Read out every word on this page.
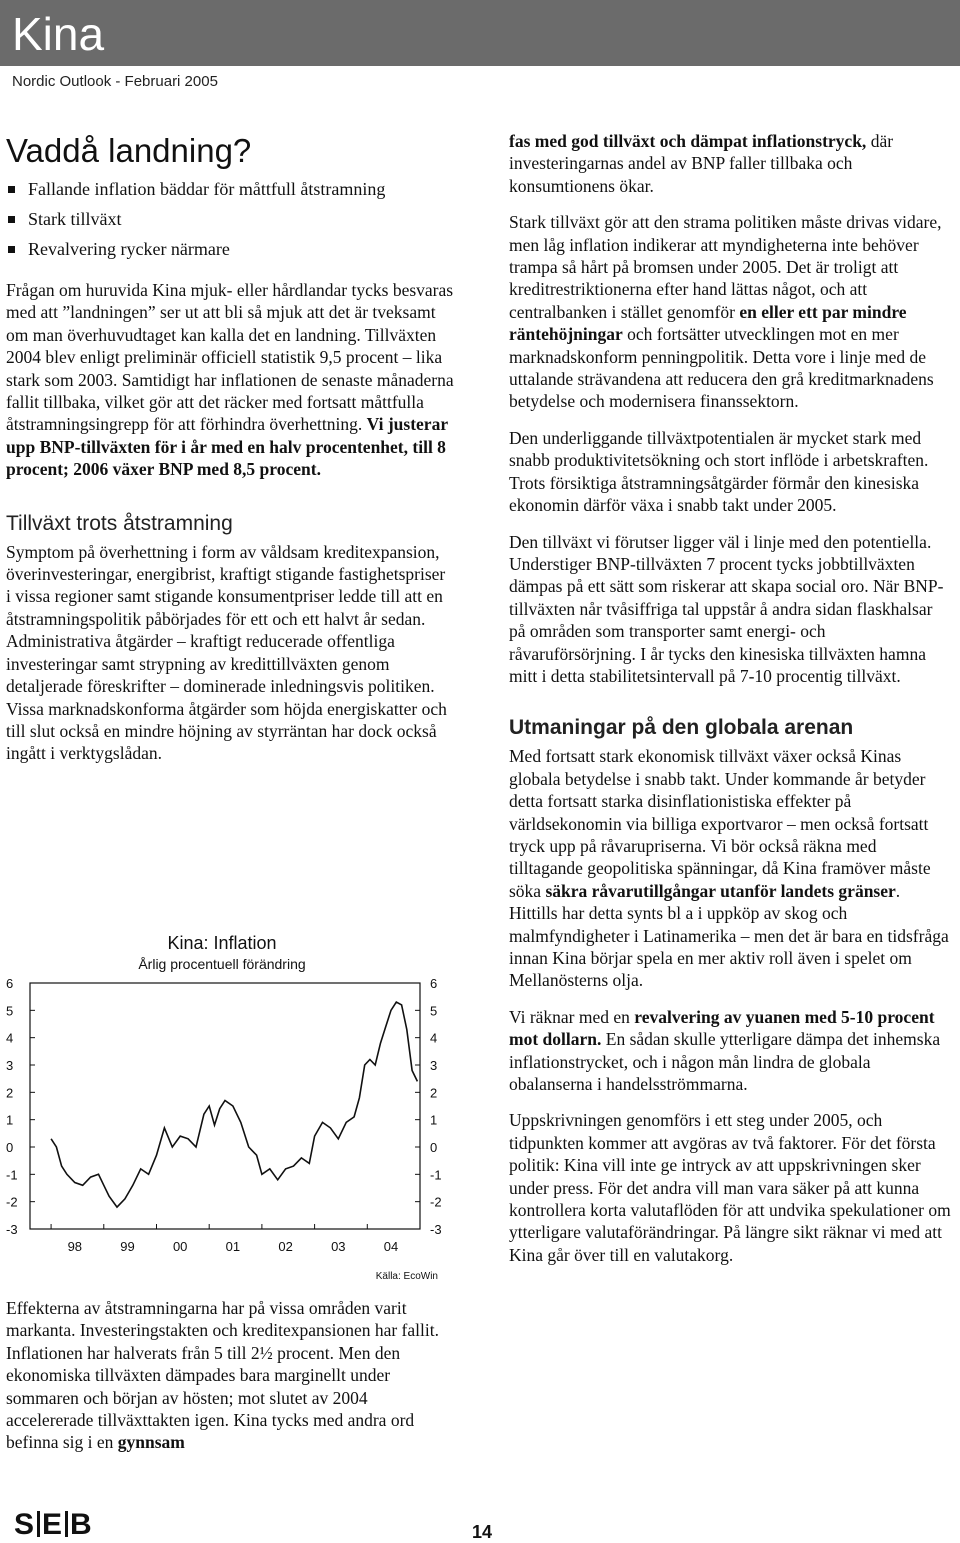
Kina
Nordic Outlook - Februari 2005
Vaddå landning?
Fallande inflation bäddar för måttfull åtstramning
Stark tillväxt
Revalvering rycker närmare

Frågan om huruvida Kina mjuk- eller hårdlandar tycks besvaras med att ”landningen” ser ut att bli så mjuk att det är tveksamt om man överhuvudtaget kan kalla det en landning. Tillväxten 2004 blev enligt preliminär officiell statistik 9,5 procent – lika stark som 2003. Samtidigt har inflationen de senaste månaderna fallit tillbaka, vilket gör att det räcker med fortsatt måttfulla åtstramningsingrepp för att förhindra överhettning. Vi justerar upp BNP-tillväxten för i år med en halv procentenhet, till 8 procent; 2006 växer BNP med 8,5 procent.

Tillväxt trots åtstramning

Symptom på överhettning i form av våldsam kreditexpansion, överinvesteringar, energibrist, kraftigt stigande fastighetspriser i vissa regioner samt stigande konsumentpriser ledde till att en åtstramningspolitik påbörjades för ett och ett halvt år sedan. Administrativa åtgärder – kraftigt reducerade offentliga investeringar samt strypning av kredittillväxten genom detaljerade föreskrifter – dominerade inledningsvis politiken. Vissa marknadskonforma åtgärder som höjda energiskatter och till slut också en mindre höjning av styrräntan har dock också ingått i verktygslådan.

Kina: Inflation
Årlig procentuell förändring
6
5
4
3
2
1
0
-1
-2
-3
6
5
4
3
2
1
0
-1
-2
-3
98	99	00	01	02	03	04
Källa: EcoWin

Effekterna av åtstramningarna har på vissa områden varit markanta. Investeringstakten och kreditexpansionen har fallit. Inflationen har halverats från 5 till 2½ procent. Men den ekonomiska tillväxten dämpades bara marginellt under sommaren och början av hösten; mot slutet av 2004 accelererade tillväxttakten igen. Kina tycks med andra ord befinna sig i en gynnsam

fas med god tillväxt och dämpat inflationstryck, där investeringarnas andel av BNP faller tillbaka och konsumtionens ökar.

Stark tillväxt gör att den strama politiken måste drivas vidare, men låg inflation indikerar att myndigheterna inte behöver trampa så hårt på bromsen under 2005. Det är troligt att kreditrestriktionerna efter hand lättas något, och att centralbanken i stället genomför en eller ett par mindre räntehöjningar och fortsätter utvecklingen mot en mer marknadskonform penningpolitik. Detta vore i linje med de uttalande strävandena att reducera den grå kreditmarknadens betydelse och modernisera finanssektorn.

Den underliggande tillväxtpotentialen är mycket stark med snabb produktivitetsökning och stort inflöde i arbetskraften. Trots försiktiga åtstramningsåtgärder förmår den kinesiska ekonomin därför växa i snabb takt under 2005.

Den tillväxt vi förutser ligger väl i linje med den potentiella. Understiger BNP-tillväxten 7 procent tycks jobbtillväxten dämpas på ett sätt som riskerar att skapa social oro. När BNP-tillväxten når tvåsiffriga tal uppstår å andra sidan flaskhalsar på områden som transporter samt energi- och råvaruförsörjning. I år tycks den kinesiska tillväxten hamna mitt i detta stabilitetsintervall på 7-10 procentig tillväxt.

Utmaningar på den globala arenan

Med fortsatt stark ekonomisk tillväxt växer också Kinas globala betydelse i snabb takt. Under kommande år betyder detta fortsatt starka disinflationistiska effekter på världsekonomin via billiga exportvaror – men också fortsatt tryck upp på råvarupriserna. Vi bör också räkna med tilltagande geopolitiska spänningar, då Kina framöver måste söka säkra råvarutillgångar utanför landets gränser. Hittills har detta synts bl a i uppköp av skog och malmfyndigheter i Latinamerika – men det är bara en tidsfråga innan Kina börjar spela en mer aktiv roll även i spelet om Mellanösterns olja.

Vi räknar med en revalvering av yuanen med 5-10 procent mot dollarn. En sådan skulle ytterligare dämpa det inhemska inflationstrycket, och i någon mån lindra de globala obalanserna i handelsströmmarna.

Uppskrivningen genomförs i ett steg under 2005, och tidpunkten kommer att avgöras av två faktorer. För det första politik: Kina vill inte ge intryck av att uppskrivningen sker under press. För det andra vill man vara säker på att kunna kontrollera korta valutaflöden för att undvika spekulationer om ytterligare valutaförändringar. På längre sikt räknar vi med att Kina går över till en valutakorg.

S E B	14
